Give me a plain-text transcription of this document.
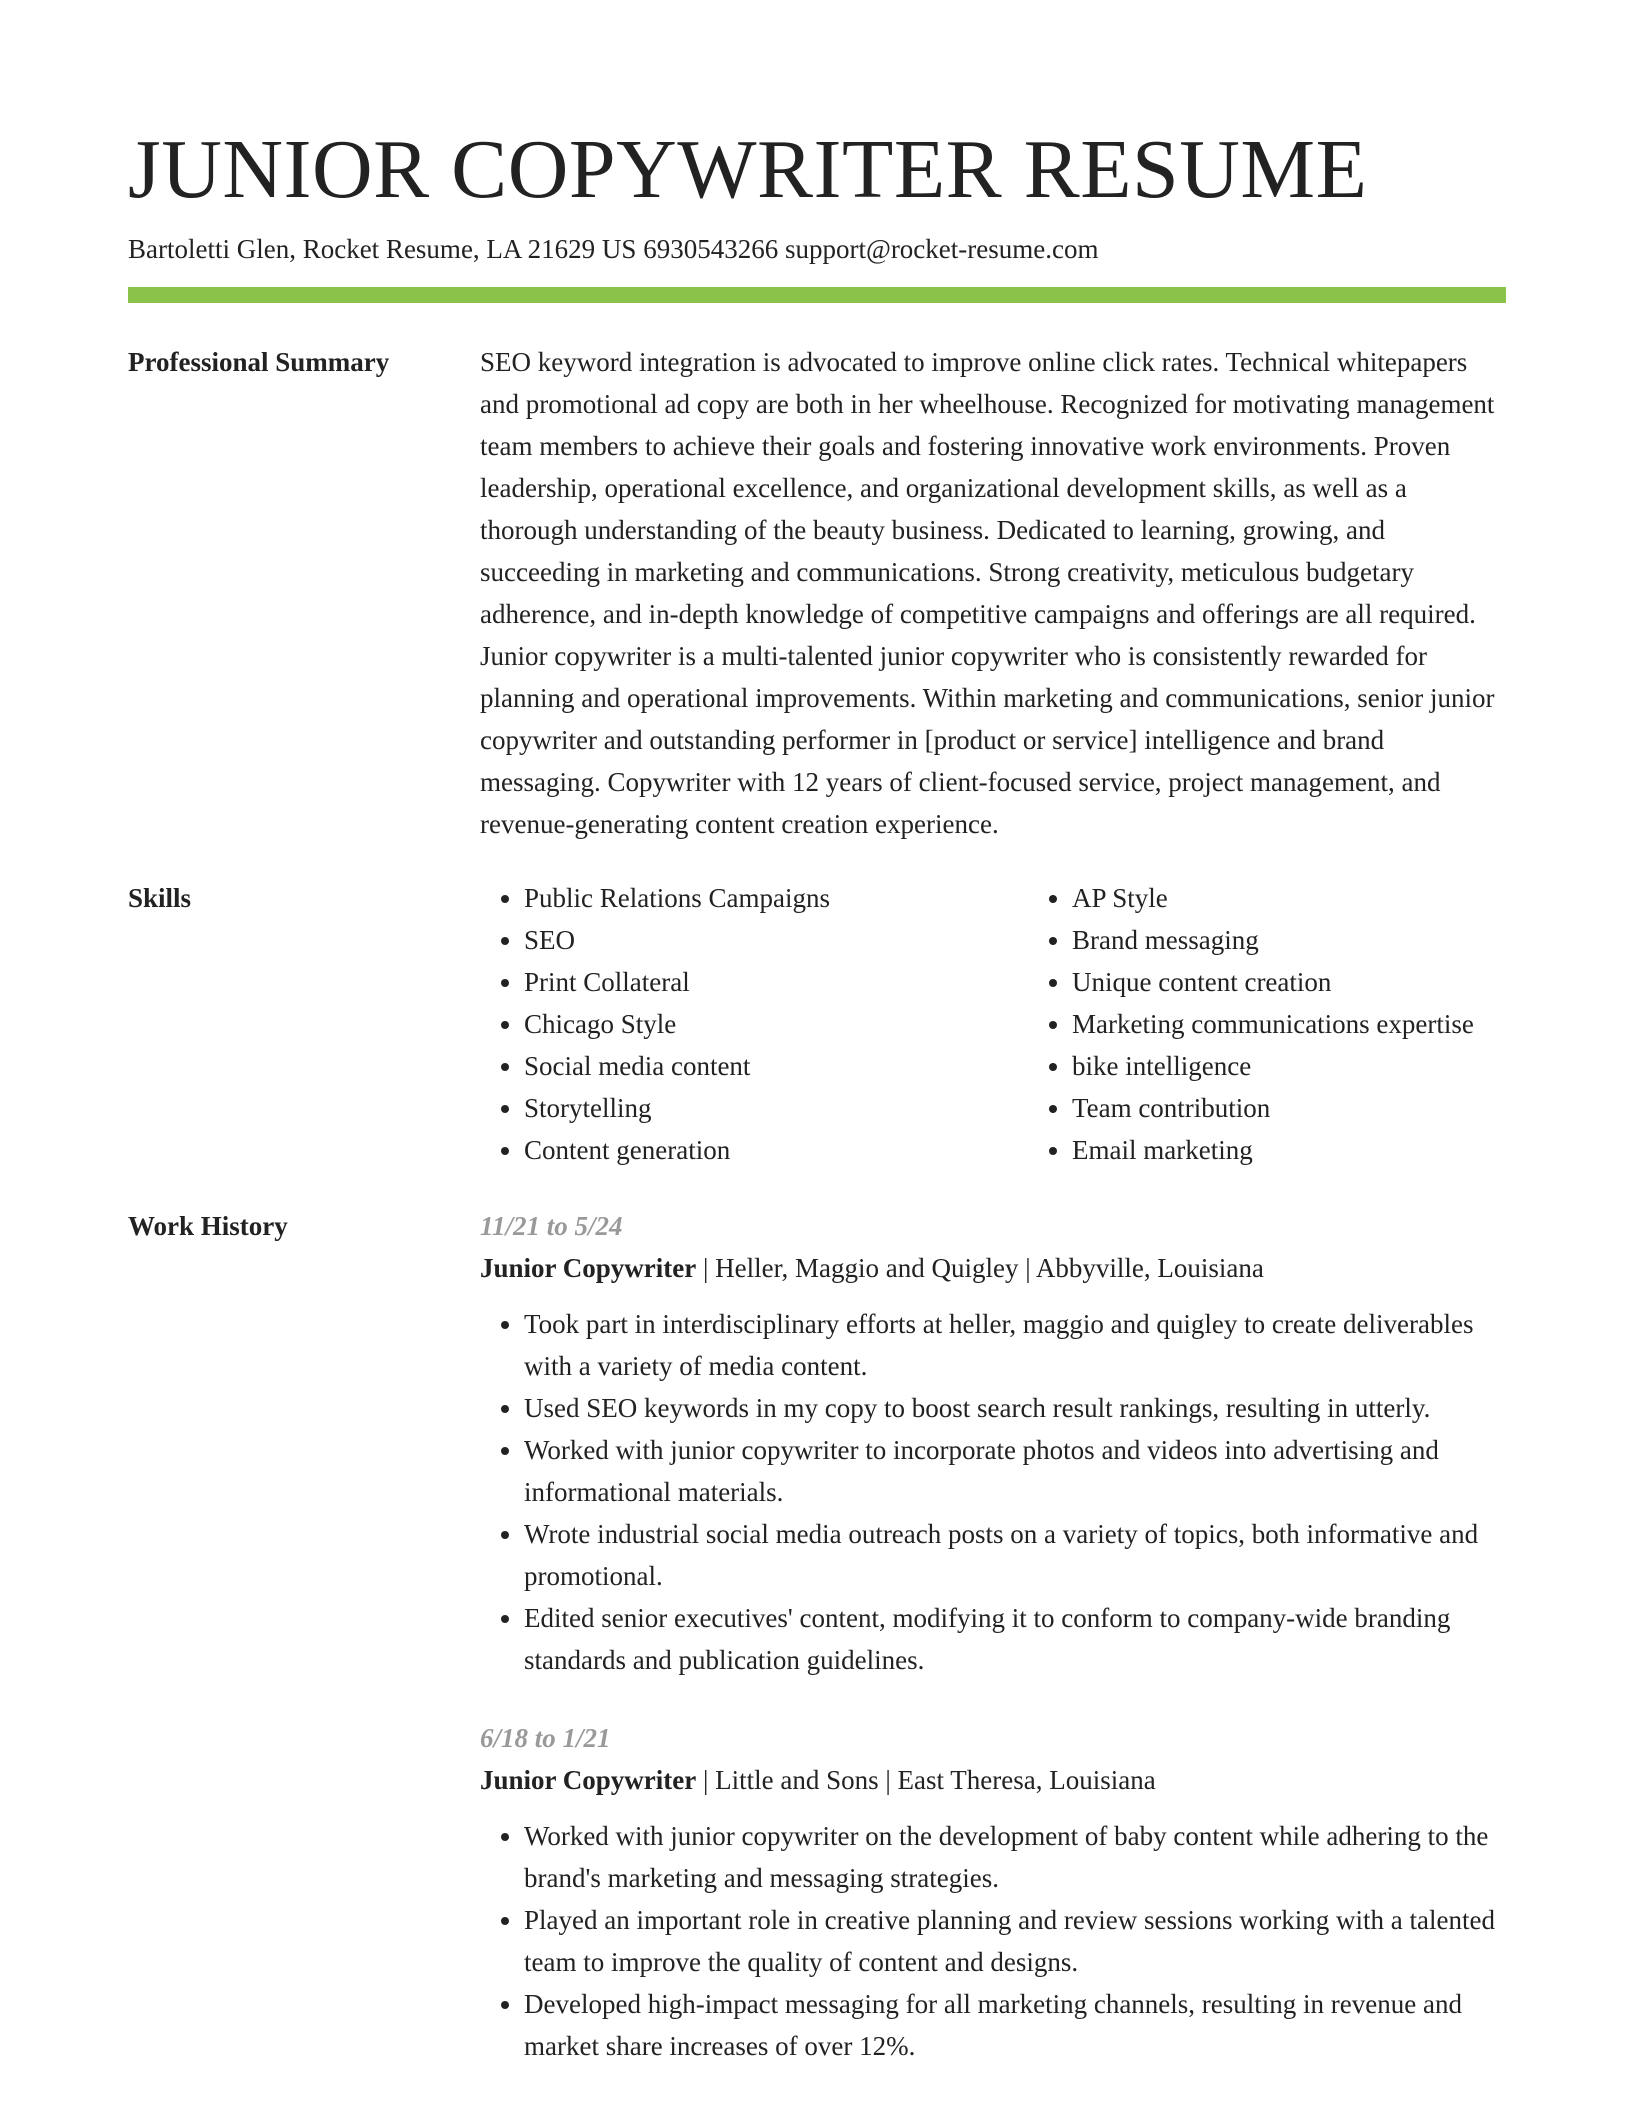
JUNIOR COPYWRITER RESUME
Bartoletti Glen, Rocket Resume, LA 21629 US 6930543266 support@rocket-resume.com
Professional Summary	SEO keyword integration is advocated to improve online click rates. Technical whitepapers and promotional ad copy are both in her wheelhouse. Recognized for motivating management team members to achieve their goals and fostering innovative work environments. Proven leadership, operational excellence, and organizational development skills, as well as a thorough understanding of the beauty business. Dedicated to learning, growing, and succeeding in marketing and communications. Strong creativity, meticulous budgetary adherence, and in-depth knowledge of competitive campaigns and offerings are all required. Junior copywriter is a multi-talented junior copywriter who is consistently rewarded for planning and operational improvements. Within marketing and communications, senior junior copywriter and outstanding performer in [product or service] intelligence and brand messaging. Copywriter with 12 years of client-focused service, project management, and revenue-generating content creation experience.

Skills
•	Public Relations Campaigns
• SEO
• Print Collateral
• Chicago Style
• Social media content
• Storytelling
• Content generation
• AP Style
• Brand messaging
• Unique content creation
• Marketing communications expertise
• bike intelligence
• Team contribution
• Email marketing
Work History	11/21 to 5/24
Junior Copywriter | Heller, Maggio and Quigley | Abbyville, Louisiana
• Took part in interdisciplinary efforts at heller, maggio and quigley to create deliverables with a variety of media content.
• Used SEO keywords in my copy to boost search result rankings, resulting in utterly.
• Worked with junior copywriter to incorporate photos and videos into advertising and informational materials.
• Wrote industrial social media outreach posts on a variety of topics, both informative and promotional.
• Edited senior executives' content, modifying it to conform to company-wide branding standards and publication guidelines.
6/18 to 1/21
Junior Copywriter | Little and Sons | East Theresa, Louisiana
• Worked with junior copywriter on the development of baby content while adhering to the brand's marketing and messaging strategies.
• Played an important role in creative planning and review sessions working with a talented team to improve the quality of content and designs.
• Developed high-impact messaging for all marketing channels, resulting in revenue and market share increases of over 12%.
